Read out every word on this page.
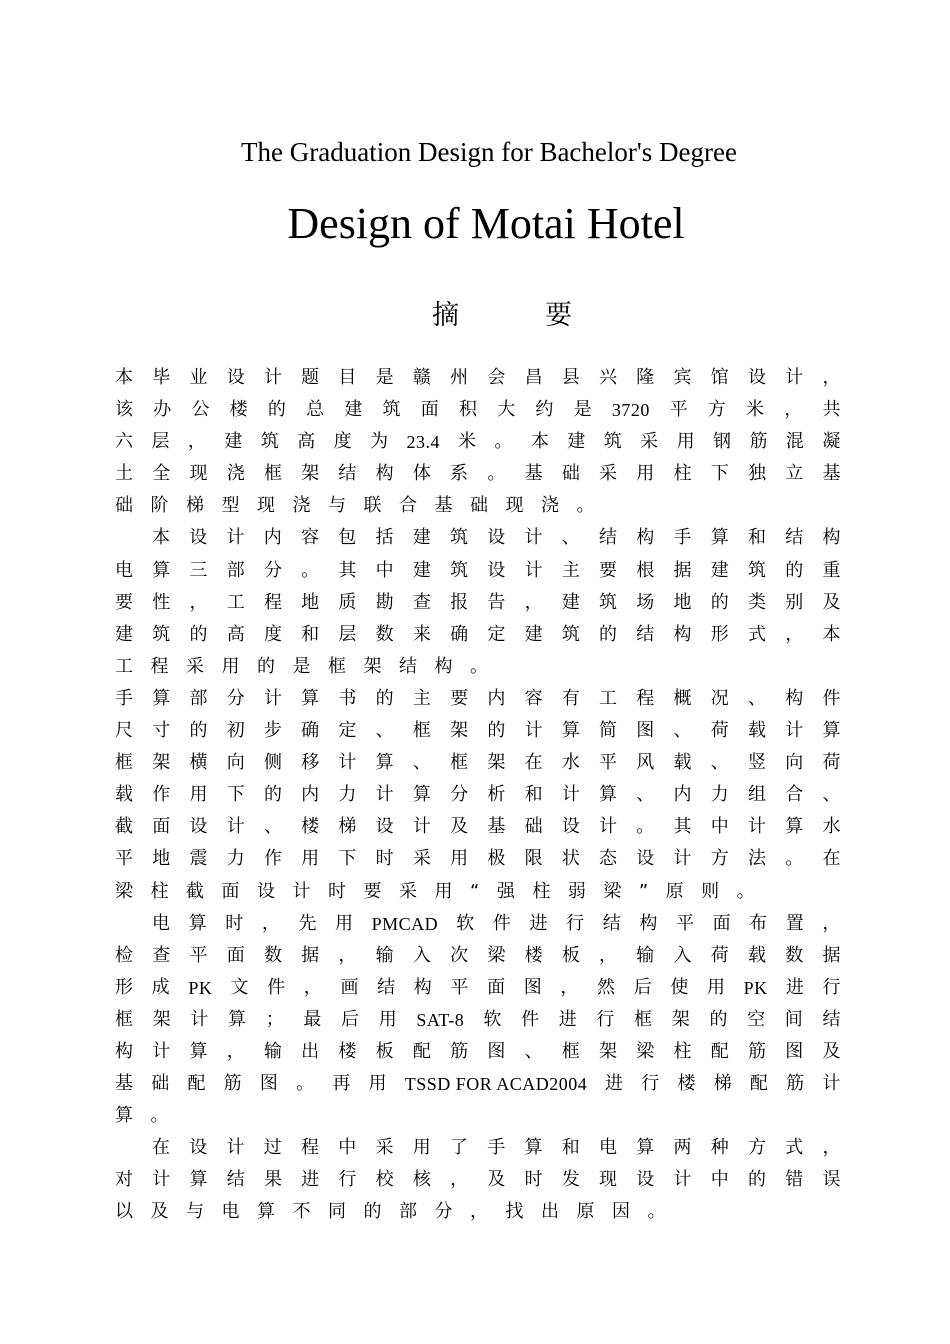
The Graduation Design for Bachelor's Degree
Design of Motai Hotel
摘	要
本 毕 业 设 计 题 目 是 赣 州 会 昌 县 兴 隆 宾 馆 设 计 ，
该 办 公 楼 的 总 建 筑 面 积 大 约 是 3720 平 方 米 ， 共
六 层 ， 建 筑 高 度 为 23.4 米 。 本 建 筑 采 用 钢 筋 混 凝
土 全 现 浇 框 架 结 构 体 系 。 基 础 采 用 柱 下 独 立 基
础 阶 梯 型 现 浇 与 联 合 基 础 现 浇 。
本 设 计 内 容 包 括 建 筑 设 计 、 结 构 手 算 和 结 构
电 算 三 部 分 。 其 中 建 筑 设 计 主 要 根 据 建 筑 的 重
要 性 ， 工 程 地 质 勘 查 报 告 ， 建 筑 场 地 的 类 别 及
建 筑 的 高 度 和 层 数 来 确 定 建 筑 的 结 构 形 式 ， 本
工 程 采 用 的 是 框 架 结 构 。
手 算 部 分 计 算 书 的 主 要 内 容 有 工 程 概 况 、 构 件
尺 寸 的 初 步 确 定 、 框 架 的 计 算 简 图 、 荷 载 计 算
框 架 横 向 侧 移 计 算 、 框 架 在 水 平 风 载 、 竖 向 荷
载 作 用 下 的 内 力 计 算 分 析 和 计 算 、 内 力 组 合 、
截 面 设 计 、 楼 梯 设 计 及 基 础 设 计 。 其 中 计 算 水
平 地 震 力 作 用 下 时 采 用 极 限 状 态 设 计 方 法 。 在
梁 柱 截 面 设 计 时 要 采 用 “ 强 柱 弱 梁 ” 原 则 。
电 算 时 ， 先 用 PMCAD 软 件 进 行 结 构 平 面 布 置 ，
检 查 平 面 数 据 ， 输 入 次 梁 楼 板 ， 输 入 荷 载 数 据
形 成 PK 文 件 ， 画 结 构 平 面 图 ， 然 后 使 用 PK 进 行
框 架 计 算 ； 最 后 用 SAT-8 软 件 进 行 框 架 的 空 间 结
构 计 算 ， 输 出 楼 板 配 筋 图 、 框 架 梁 柱 配 筋 图 及
基 础 配 筋 图 。 再 用 TSSD FOR ACAD2004 进 行 楼 梯 配 筋 计
算 。
在 设 计 过 程 中 采 用 了 手 算 和 电 算 两 种 方 式 ，
对 计 算 结 果 进 行 校 核 ， 及 时 发 现 设 计 中 的 错 误
以 及 与 电 算 不 同 的 部 分 ， 找 出 原 因 。
